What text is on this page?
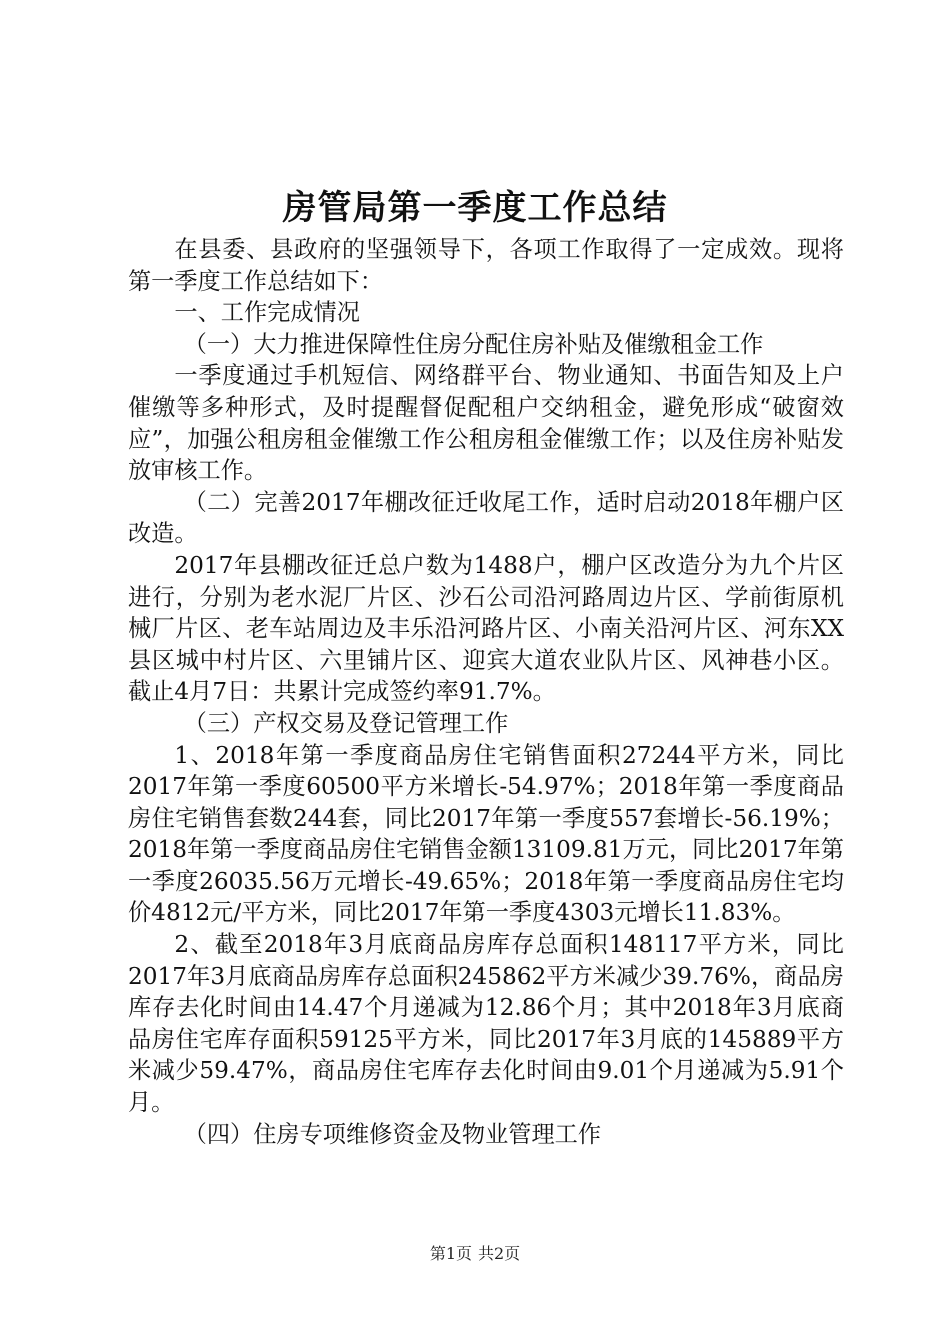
房管局第一季度工作总结

在县委、县政府的坚强领导下，各项工作取得了一定成效。现将第一季度工作总结如下：

一、工作完成情况

（一）大力推进保障性住房分配住房补贴及催缴租金工作

一季度通过手机短信、网络群平台、物业通知、书面告知及上户催缴等多种形式，及时提醒督促配租户交纳租金，避免形成“破窗效应”，加强公租房租金催缴工作公租房租金催缴工作；以及住房补贴发放审核工作。

（二）完善2017年棚改征迁收尾工作，适时启动2018年棚户区改造。

2017年县棚改征迁总户数为1488户，棚户区改造分为九个片区进行，分别为老水泥厂片区、沙石公司沿河路周边片区、学前街原机械厂片区、老车站周边及丰乐沿河路片区、小南关沿河片区、河东XX县区城中村片区、六里铺片区、迎宾大道农业队片区、风神巷小区。截止4月7日：共累计完成签约率91.7%。

（三）产权交易及登记管理工作

1、2018年第一季度商品房住宅销售面积27244平方米，同比2017年第一季度60500平方米增长-54.97%；2018年第一季度商品房住宅销售套数244套，同比2017年第一季度557套增长-56.19%；2018年第一季度商品房住宅销售金额13109.81万元，同比2017年第一季度26035.56万元增长-49.65%；2018年第一季度商品房住宅均价4812元/平方米，同比2017年第一季度4303元增长11.83%。

2、截至2018年3月底商品房库存总面积148117平方米，同比2017年3月底商品房库存总面积245862平方米减少39.76%，商品房库存去化时间由14.47个月递减为12.86个月；其中2018年3月底商品房住宅库存面积59125平方米，同比2017年3月底的145889平方米减少59.47%，商品房住宅库存去化时间由9.01个月递减为5.91个月。

（四）住房专项维修资金及物业管理工作

第1页 共2页
